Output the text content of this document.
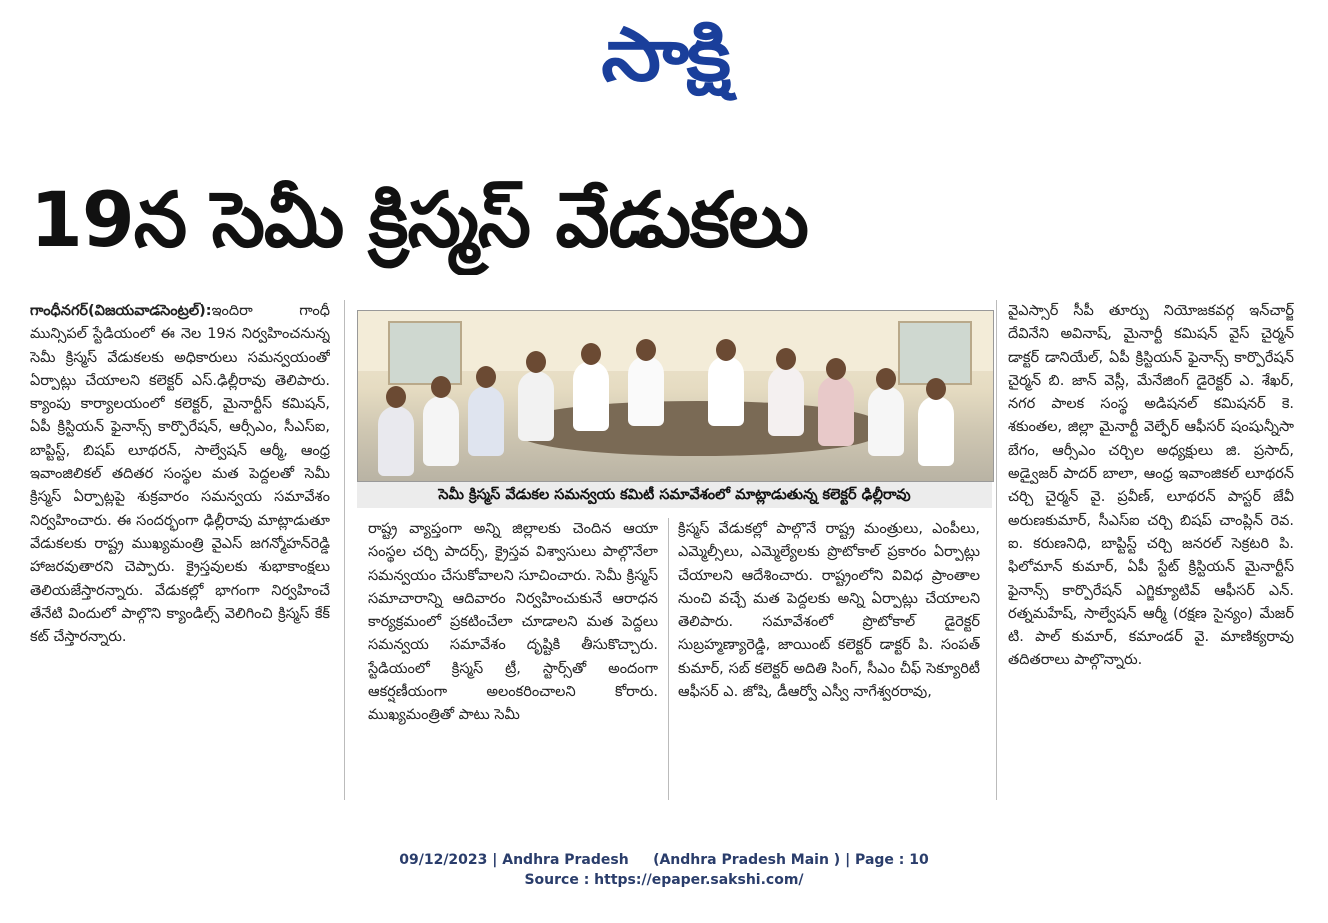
సాక్షి
19న సెమీ క్రిస్మస్ వేడుకలు

గాంధీనగర్(విజయవాడసెంట్రల్):ఇందిరా గాంధీ మున్సిపల్ స్టేడియంలో ఈ నెల 19న నిర్వహించనున్న సెమీ క్రిస్మస్ వేడుకలకు అధికారులు సమన్వయంతో ఏర్పాట్లు చేయాలని కలెక్టర్ ఎస్.ఢిల్లీరావు తెలిపారు. క్యాంపు కార్యాలయంలో కలెక్టర్, మైనార్టీస్ కమిషన్, ఏపీ క్రిస్టియన్ ఫైనాన్స్ కార్పొరేషన్, ఆర్సీఎం, సీఎస్ఐ, బాప్టిస్ట్, బిషప్ లూథరన్, సాల్వేషన్ ఆర్మీ, ఆంధ్ర ఇవాంజిలికల్ తదితర సంస్థల మత పెద్దలతో సెమీ క్రిస్మస్ ఏర్పాట్లపై శుక్రవారం సమన్వయ సమావేశం నిర్వహించారు. ఈ సందర్భంగా ఢిల్లీరావు మాట్లాడుతూ వేడుకలకు రాష్ట్ర ముఖ్యమంత్రి వైఎస్ జగన్మోహన్‌రెడ్డి హాజరవుతారని చెప్పారు. క్రైస్తవులకు శుభాకాంక్షలు తెలియజేస్తారన్నారు. వేడుకల్లో భాగంగా నిర్వహించే తేనేటి విందులో పాల్గొని క్యాండిల్స్ వెలిగించి క్రిస్మస్ కేక్ కట్ చేస్తారన్నారు.

సెమీ క్రిస్మస్ వేడుకల సమన్వయ కమిటీ సమావేశంలో మాట్లాడుతున్న కలెక్టర్ ఢిల్లీరావు

రాష్ట్ర వ్యాప్తంగా అన్ని జిల్లాలకు చెందిన ఆయా సంస్థల చర్చి పాదర్స్, క్రైస్తవ విశ్వాసులు పాల్గొనేలా సమన్వయం చేసుకోవాలని సూచించారు. సెమీ క్రిస్మస్ సమాచారాన్ని ఆదివారం నిర్వహించుకునే ఆరాధన కార్యక్రమంలో ప్రకటించేలా చూడాలని మత పెద్దలు సమన్వయ సమావేశం దృష్టికి తీసుకొచ్చారు. స్టేడియంలో క్రిస్మస్ ట్రీ, స్టార్స్‌తో అందంగా ఆకర్షణీయంగా అలంకరించాలని కోరారు. ముఖ్యమంత్రితో పాటు సెమీ

క్రిస్మస్ వేడుకల్లో పాల్గొనే రాష్ట్ర మంత్రులు, ఎంపీలు, ఎమ్మెల్సీలు, ఎమ్మెల్యేలకు ప్రొటోకాల్ ప్రకారం ఏర్పాట్లు చేయాలని ఆదేశించారు. రాష్ట్రంలోని వివిధ ప్రాంతాల నుంచి వచ్చే మత పెద్దలకు అన్ని ఏర్పాట్లు చేయాలని తెలిపారు. సమావేశంలో ప్రొటోకాల్ డైరెక్టర్ సుబ్రహ్మణ్యారెడ్డి, జాయింట్ కలెక్టర్ డాక్టర్ పి. సంపత్ కుమార్, సబ్ కలెక్టర్ అదితి సింగ్, సీఎం చీఫ్ సెక్యూరిటీ ఆఫీసర్ ఎ. జోషి, డీఆర్వో ఎస్వీ నాగేశ్వరరావు,

వైఎస్సార్ సీపీ తూర్పు నియోజకవర్గ ఇన్‌చార్జ్ దేవినేని అవినాష్, మైనార్టీ కమిషన్ వైస్ చైర్మన్ డాక్టర్ డానియేల్, ఏపీ క్రిస్టియన్ ఫైనాన్స్ కార్పొరేషన్ చైర్మన్ బి. జాన్ వెస్లీ, మేనేజింగ్ డైరెక్టర్ ఎ. శేఖర్, నగర పాలక సంస్థ అడిషనల్ కమిషనర్ కె. శకుంతల, జిల్లా మైనార్టీ వెల్ఫేర్ ఆఫీసర్ షంషున్నీసా బేగం, ఆర్సీఎం చర్చిల అధ్యక్షులు జి. ప్రసాద్, అడ్వైజర్ పాదర్ బాలా, ఆంధ్ర ఇవాంజికల్ లూథరన్ చర్చి చైర్మన్ వై. ప్రవీణ్, లూథరన్ పాస్టర్ జేవీ అరుణకుమార్, సీఎస్ఐ చర్చి బిషప్ చాంప్లిన్ రెవ. ఐ. కరుణనిధి, బాప్టిస్ట్ చర్చి జనరల్ సెక్రటరి పి. ఫిలోమాన్ కుమార్, ఏపీ స్టేట్ క్రిస్టియన్ మైనార్టీస్ ఫైనాన్స్ కార్పొరేషన్ ఎగ్జిక్యూటివ్ ఆఫీసర్ ఎన్. రత్నమహేష్, సాల్వేషన్ ఆర్మీ (రక్షణ సైన్యం) మేజర్ టి. పాల్ కుమార్, కమాండర్ వై. మాణిక్యరావు తదితరాలు పాల్గొన్నారు.

09/12/2023 | Andhra Pradesh     (Andhra Pradesh Main ) | Page : 10
Source : https://epaper.sakshi.com/
